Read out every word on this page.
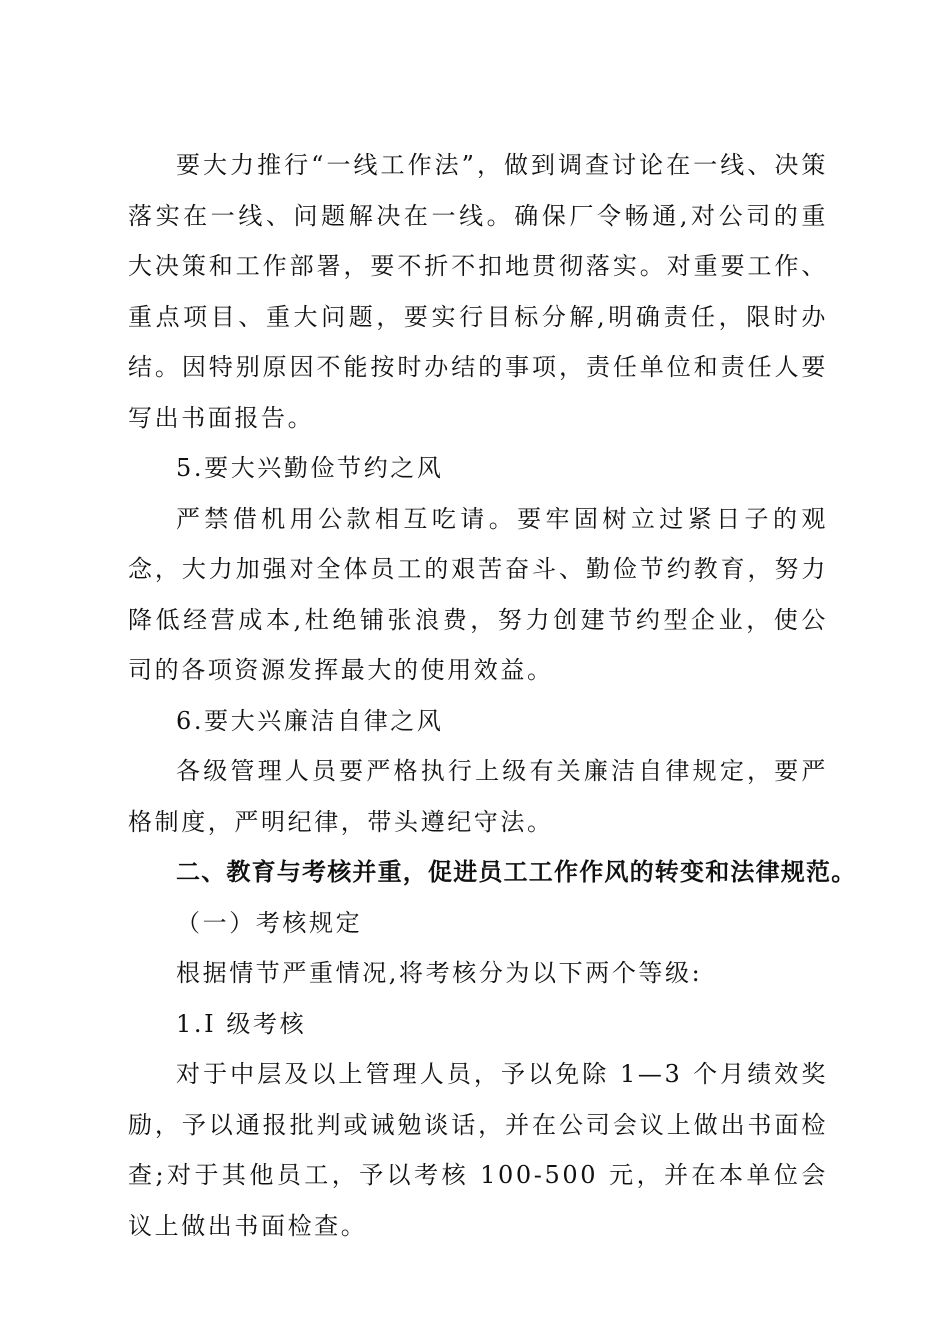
要大力推行“一线工作法”，做到调查讨论在一线、决策落实在一线、问题解决在一线。确保厂令畅通,对公司的重大决策和工作部署，要不折不扣地贯彻落实。对重要工作、重点项目、重大问题，要实行目标分解,明确责任，限时办结。因特别原因不能按时办结的事项，责任单位和责任人要写出书面报告。

5.要大兴勤俭节约之风

严禁借机用公款相互吃请。要牢固树立过紧日子的观念，大力加强对全体员工的艰苦奋斗、勤俭节约教育，努力降低经营成本,杜绝铺张浪费，努力创建节约型企业，使公司的各项资源发挥最大的使用效益。

6.要大兴廉洁自律之风

各级管理人员要严格执行上级有关廉洁自律规定，要严格制度，严明纪律，带头遵纪守法。

二、教育与考核并重，促进员工工作作风的转变和法律规范。

（一）考核规定

根据情节严重情况,将考核分为以下两个等级:

1.Ⅰ 级考核

对于中层及以上管理人员，予以免除 1—3 个月绩效奖励，予以通报批判或诫勉谈话，并在公司会议上做出书面检查;对于其他员工，予以考核 100-500 元，并在本单位会议上做出书面检查。
